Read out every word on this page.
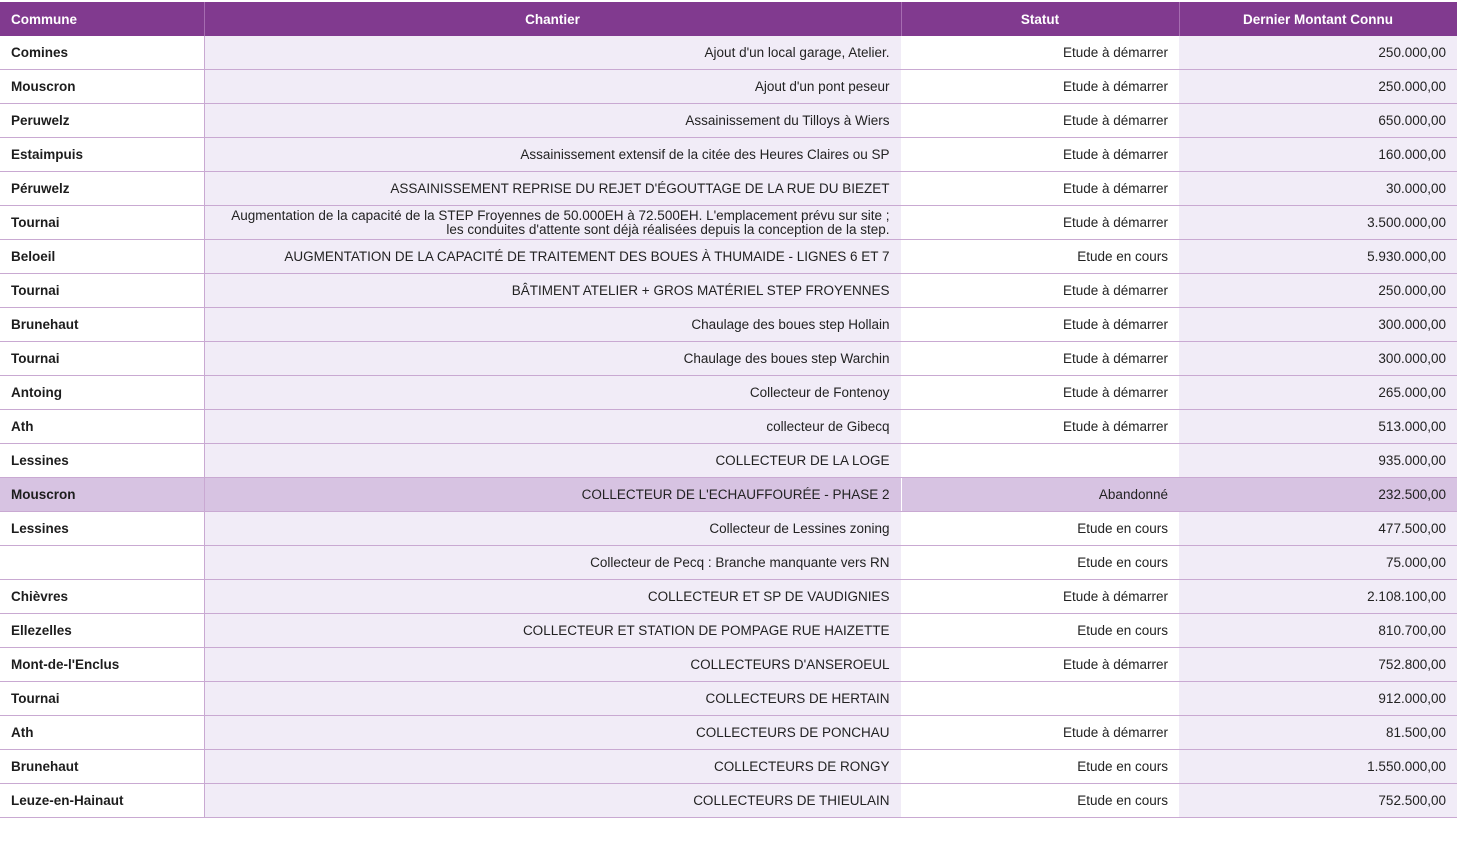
Commune	Chantier	Statut	Dernier Montant Connu
Comines	Ajout d'un local garage, Atelier.	Etude à démarrer	250.000,00
Mouscron	Ajout d'un pont peseur	Etude à démarrer	250.000,00
Peruwelz	Assainissement du Tilloys à Wiers	Etude à démarrer	650.000,00
Estaimpuis	Assainissement extensif de la citée des Heures Claires ou SP	Etude à démarrer	160.000,00
Péruwelz	ASSAINISSEMENT REPRISE DU REJET D'ÉGOUTTAGE DE LA RUE DU BIEZET	Etude à démarrer	30.000,00
Tournai	Augmentation de la capacité de la STEP Froyennes de 50.000EH à 72.500EH. L'emplacement prévu sur site ; les conduites d'attente sont déjà réalisées depuis la conception de la step.	Etude à démarrer	3.500.000,00
Beloeil	AUGMENTATION DE LA CAPACITÉ DE TRAITEMENT DES BOUES À THUMAIDE - LIGNES 6 ET 7	Etude en cours	5.930.000,00
Tournai	BÂTIMENT ATELIER + GROS MATÉRIEL STEP FROYENNES	Etude à démarrer	250.000,00
Brunehaut	Chaulage des boues step Hollain	Etude à démarrer	300.000,00
Tournai	Chaulage des boues step Warchin	Etude à démarrer	300.000,00
Antoing	Collecteur de Fontenoy	Etude à démarrer	265.000,00
Ath	collecteur de Gibecq	Etude à démarrer	513.000,00
Lessines	COLLECTEUR DE LA LOGE		935.000,00
Mouscron	COLLECTEUR DE L'ECHAUFFOURÉE - PHASE 2	Abandonné	232.500,00
Lessines	Collecteur de Lessines zoning	Etude en cours	477.500,00
	Collecteur de Pecq : Branche manquante vers RN	Etude en cours	75.000,00
Chièvres	COLLECTEUR ET SP DE VAUDIGNIES	Etude à démarrer	2.108.100,00
Ellezelles	COLLECTEUR ET STATION DE POMPAGE RUE HAIZETTE	Etude en cours	810.700,00
Mont-de-l'Enclus	COLLECTEURS D'ANSEROEUL	Etude à démarrer	752.800,00
Tournai	COLLECTEURS DE HERTAIN		912.000,00
Ath	COLLECTEURS DE PONCHAU	Etude à démarrer	81.500,00
Brunehaut	COLLECTEURS DE RONGY	Etude en cours	1.550.000,00
Leuze-en-Hainaut	COLLECTEURS DE THIEULAIN	Etude en cours	752.500,00
